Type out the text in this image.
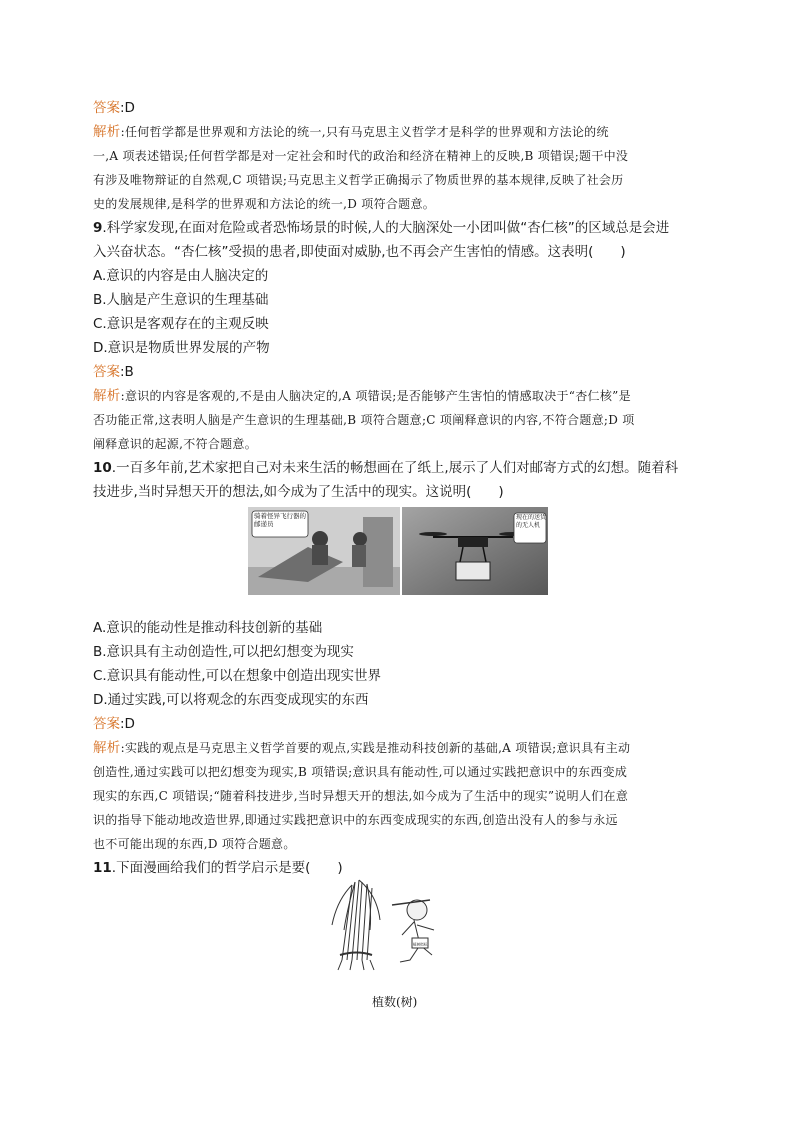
答案:D
解析:任何哲学都是世界观和方法论的统一,只有马克思主义哲学才是科学的世界观和方法论的统
一,A 项表述错误;任何哲学都是对一定社会和时代的政治和经济在精神上的反映,B 项错误;题干中没
有涉及唯物辩证的自然观,C 项错误;马克思主义哲学正确揭示了物质世界的基本规律,反映了社会历
史的发展规律,是科学的世界观和方法论的统一,D 项符合题意。
9.科学家发现,在面对危险或者恐怖场景的时候,人的大脑深处一小团叫做“杏仁核”的区域总是会进
入兴奋状态。“杏仁核”受损的患者,即使面对威胁,也不再会产生害怕的情感。这表明(　　)
A.意识的内容是由人脑决定的
B.人脑是产生意识的生理基础
C.意识是客观存在的主观反映
D.意识是物质世界发展的产物
答案:B
解析:意识的内容是客观的,不是由人脑决定的,A 项错误;是否能够产生害怕的情感取决于“杏仁核”是
否功能正常,这表明人脑是产生意识的生理基础,B 项符合题意;C 项阐释意识的内容,不符合题意;D 项
阐释意识的起源,不符合题意。
10.一百多年前,艺术家把自己对未来生活的畅想画在了纸上,展示了人们对邮寄方式的幻想。随着科
技进步,当时异想天开的想法,如今成为了生活中的现实。这说明(　　)
A.意识的能动性是推动科技创新的基础
B.意识具有主动创造性,可以把幻想变为现实
C.意识具有能动性,可以在想象中创造出现实世界
D.通过实践,可以将观念的东西变成现实的东西
答案:D
解析:实践的观点是马克思主义哲学首要的观点,实践是推动科技创新的基础,A 项错误;意识具有主动
创造性,通过实践可以把幻想变为现实,B 项错误;意识具有能动性,可以通过实践把意识中的东西变成
现实的东西,C 项错误;“随着科技进步,当时异想天开的想法,如今成为了生活中的现实”说明人们在意
识的指导下能动地改造世界,即通过实践把意识中的东西变成现实的东西,创造出没有人的参与永远
也不可能出现的东西,D 项符合题意。
11.下面漫画给我们的哲学启示是要(　　)
骑着怪异飞行器的邮递员
现在的送货的无人机
植树指标
植数(树)
